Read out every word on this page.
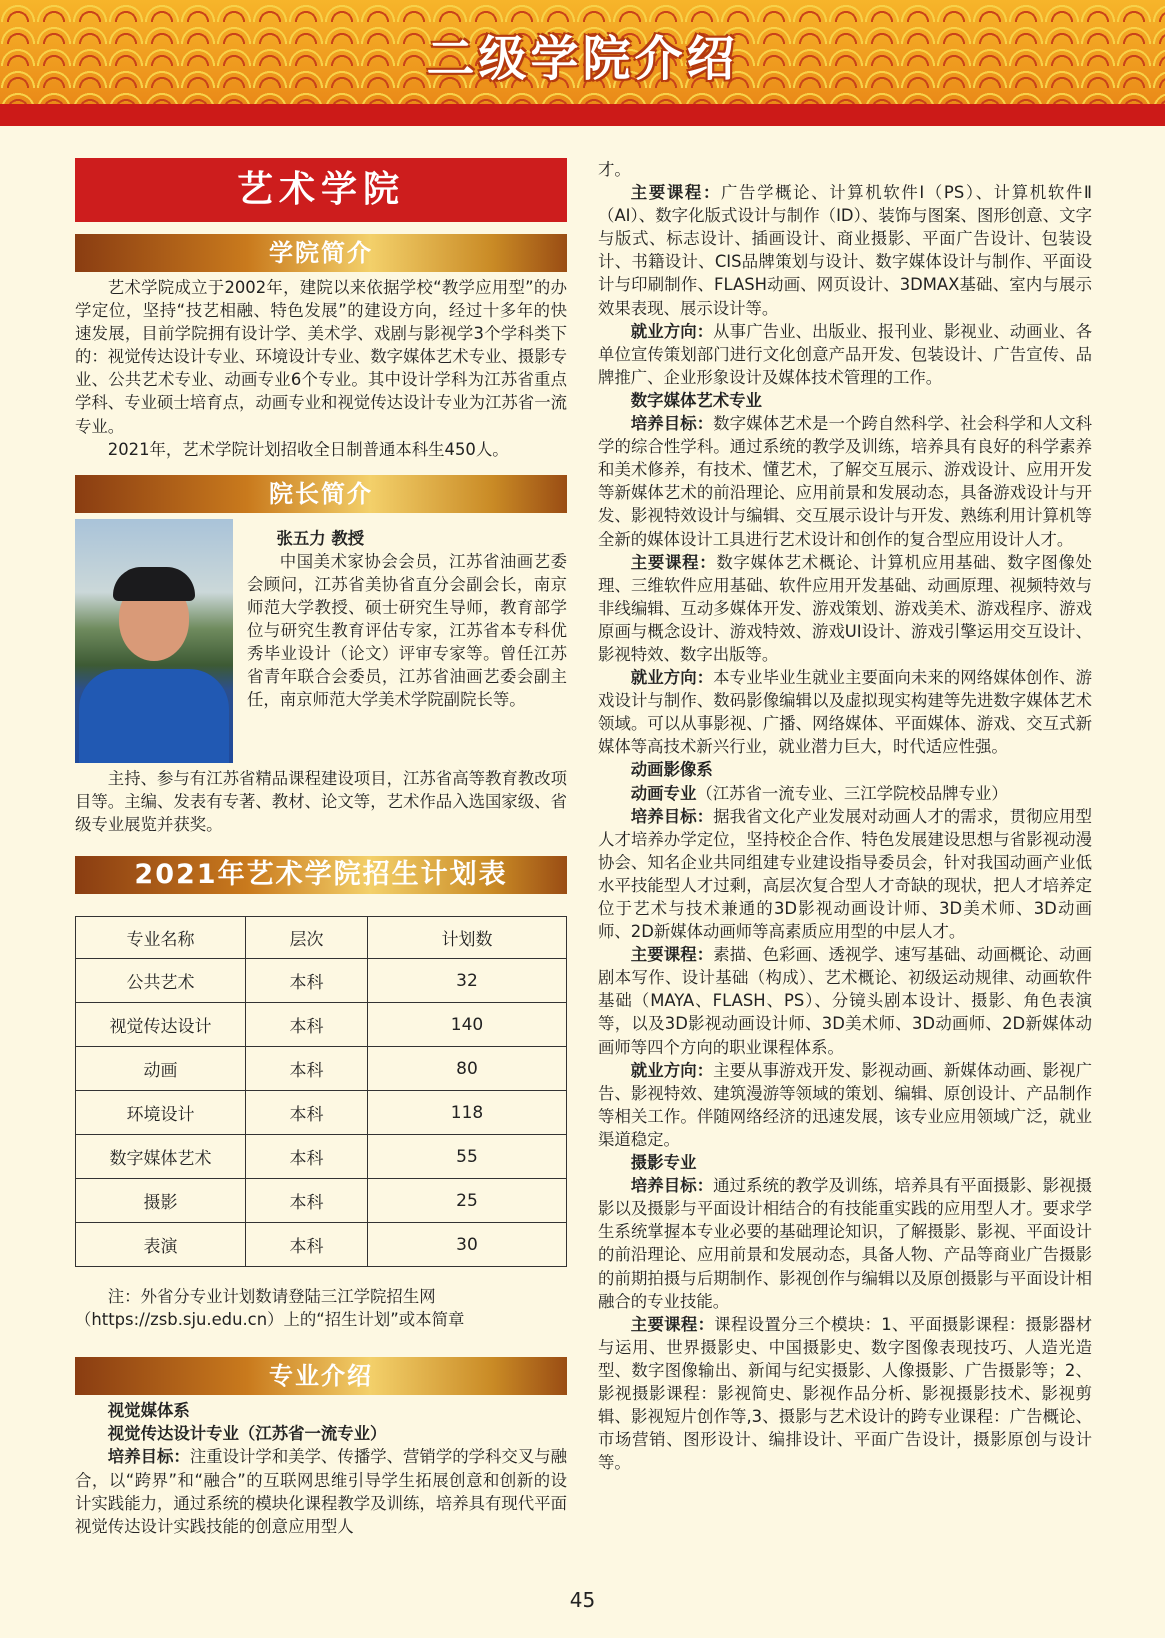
二级学院介绍
艺术学院
学院简介

艺术学院成立于2002年，建院以来依据学校“教学应用型”的办学定位，坚持“技艺相融、特色发展”的建设方向，经过十多年的快速发展，目前学院拥有设计学、美术学、戏剧与影视学3个学科类下的：视觉传达设计专业、环境设计专业、数字媒体艺术专业、摄影专业、公共艺术专业、动画专业6个专业。其中设计学科为江苏省重点学科、专业硕士培育点，动画专业和视觉传达设计专业为江苏省一流专业。

2021年，艺术学院计划招收全日制普通本科生450人。

院长简介

张五力 教授

中国美术家协会会员，江苏省油画艺委会顾问，江苏省美协省直分会副会长，南京师范大学教授、硕士研究生导师，教育部学位与研究生教育评估专家，江苏省本专科优秀毕业设计（论文）评审专家等。曾任江苏省青年联合会委员，江苏省油画艺委会副主任，南京师范大学美术学院副院长等。

主持、参与有江苏省精品课程建设项目，江苏省高等教育教改项目等。主编、发表有专著、教材、论文等，艺术作品入选国家级、省级专业展览并获奖。

2021年艺术学院招生计划表
专业名称	层次	计划数
公共艺术	本科	32
视觉传达设计	本科	140
动画	本科	80
环境设计	本科	118
数字媒体艺术	本科	55
摄影	本科	25
表演	本科	30

注：外省分专业计划数请登陆三江学院招生网（https://zsb.sju.edu.cn）上的“招生计划”或本简章

专业介绍

视觉媒体系

视觉传达设计专业（江苏省一流专业）

培养目标：注重设计学和美学、传播学、营销学的学科交叉与融合，以“跨界”和“融合”的互联网思维引导学生拓展创意和创新的设计实践能力，通过系统的模块化课程教学及训练，培养具有现代平面视觉传达设计实践技能的创意应用型人

才。

主要课程：广告学概论、计算机软件Ⅰ（PS）、计算机软件Ⅱ（AI）、数字化版式设计与制作（ID）、装饰与图案、图形创意、文字与版式、标志设计、插画设计、商业摄影、平面广告设计、包装设计、书籍设计、CIS品牌策划与设计、数字媒体设计与制作、平面设计与印刷制作、FLASH动画、网页设计、3DMAX基础、室内与展示效果表现、展示设计等。

就业方向：从事广告业、出版业、报刊业、影视业、动画业、各单位宣传策划部门进行文化创意产品开发、包装设计、广告宣传、品牌推广、企业形象设计及媒体技术管理的工作。

数字媒体艺术专业

培养目标：数字媒体艺术是一个跨自然科学、社会科学和人文科学的综合性学科。通过系统的教学及训练，培养具有良好的科学素养和美术修养，有技术、懂艺术，了解交互展示、游戏设计、应用开发等新媒体艺术的前沿理论、应用前景和发展动态，具备游戏设计与开发、影视特效设计与编辑、交互展示设计与开发、熟练利用计算机等全新的媒体设计工具进行艺术设计和创作的复合型应用设计人才。

主要课程：数字媒体艺术概论、计算机应用基础、数字图像处理、三维软件应用基础、软件应用开发基础、动画原理、视频特效与非线编辑、互动多媒体开发、游戏策划、游戏美术、游戏程序、游戏原画与概念设计、游戏特效、游戏UI设计、游戏引擎运用交互设计、影视特效、数字出版等。

就业方向：本专业毕业生就业主要面向未来的网络媒体创作、游戏设计与制作、数码影像编辑以及虚拟现实构建等先进数字媒体艺术领域。可以从事影视、广播、网络媒体、平面媒体、游戏、交互式新媒体等高技术新兴行业，就业潜力巨大，时代适应性强。

动画影像系

动画专业（江苏省一流专业、三江学院校品牌专业）

培养目标：据我省文化产业发展对动画人才的需求，贯彻应用型人才培养办学定位，坚持校企合作、特色发展建设思想与省影视动漫协会、知名企业共同组建专业建设指导委员会，针对我国动画产业低水平技能型人才过剩，高层次复合型人才奇缺的现状，把人才培养定位于艺术与技术兼通的3D影视动画设计师、3D美术师、3D动画师、2D新媒体动画师等高素质应用型的中层人才。

主要课程：素描、色彩画、透视学、速写基础、动画概论、动画剧本写作、设计基础（构成）、艺术概论、初级运动规律、动画软件基础（MAYA、FLASH、PS）、分镜头剧本设计、摄影、角色表演等，以及3D影视动画设计师、3D美术师、3D动画师、2D新媒体动画师等四个方向的职业课程体系。

就业方向：主要从事游戏开发、影视动画、新媒体动画、影视广告、影视特效、建筑漫游等领域的策划、编辑、原创设计、产品制作等相关工作。伴随网络经济的迅速发展，该专业应用领域广泛，就业渠道稳定。

摄影专业

培养目标：通过系统的教学及训练，培养具有平面摄影、影视摄影以及摄影与平面设计相结合的有技能重实践的应用型人才。要求学生系统掌握本专业必要的基础理论知识，了解摄影、影视、平面设计的前沿理论、应用前景和发展动态，具备人物、产品等商业广告摄影的前期拍摄与后期制作、影视创作与编辑以及原创摄影与平面设计相融合的专业技能。

主要课程：课程设置分三个模块：1、平面摄影课程：摄影器材与运用、世界摄影史、中国摄影史、数字图像表现技巧、人造光造型、数字图像输出、新闻与纪实摄影、人像摄影、广告摄影等；2、影视摄影课程：影视简史、影视作品分析、影视摄影技术、影视剪辑、影视短片创作等,3、摄影与艺术设计的跨专业课程：广告概论、市场营销、图形设计、编排设计、平面广告设计，摄影原创与设计等。

45
